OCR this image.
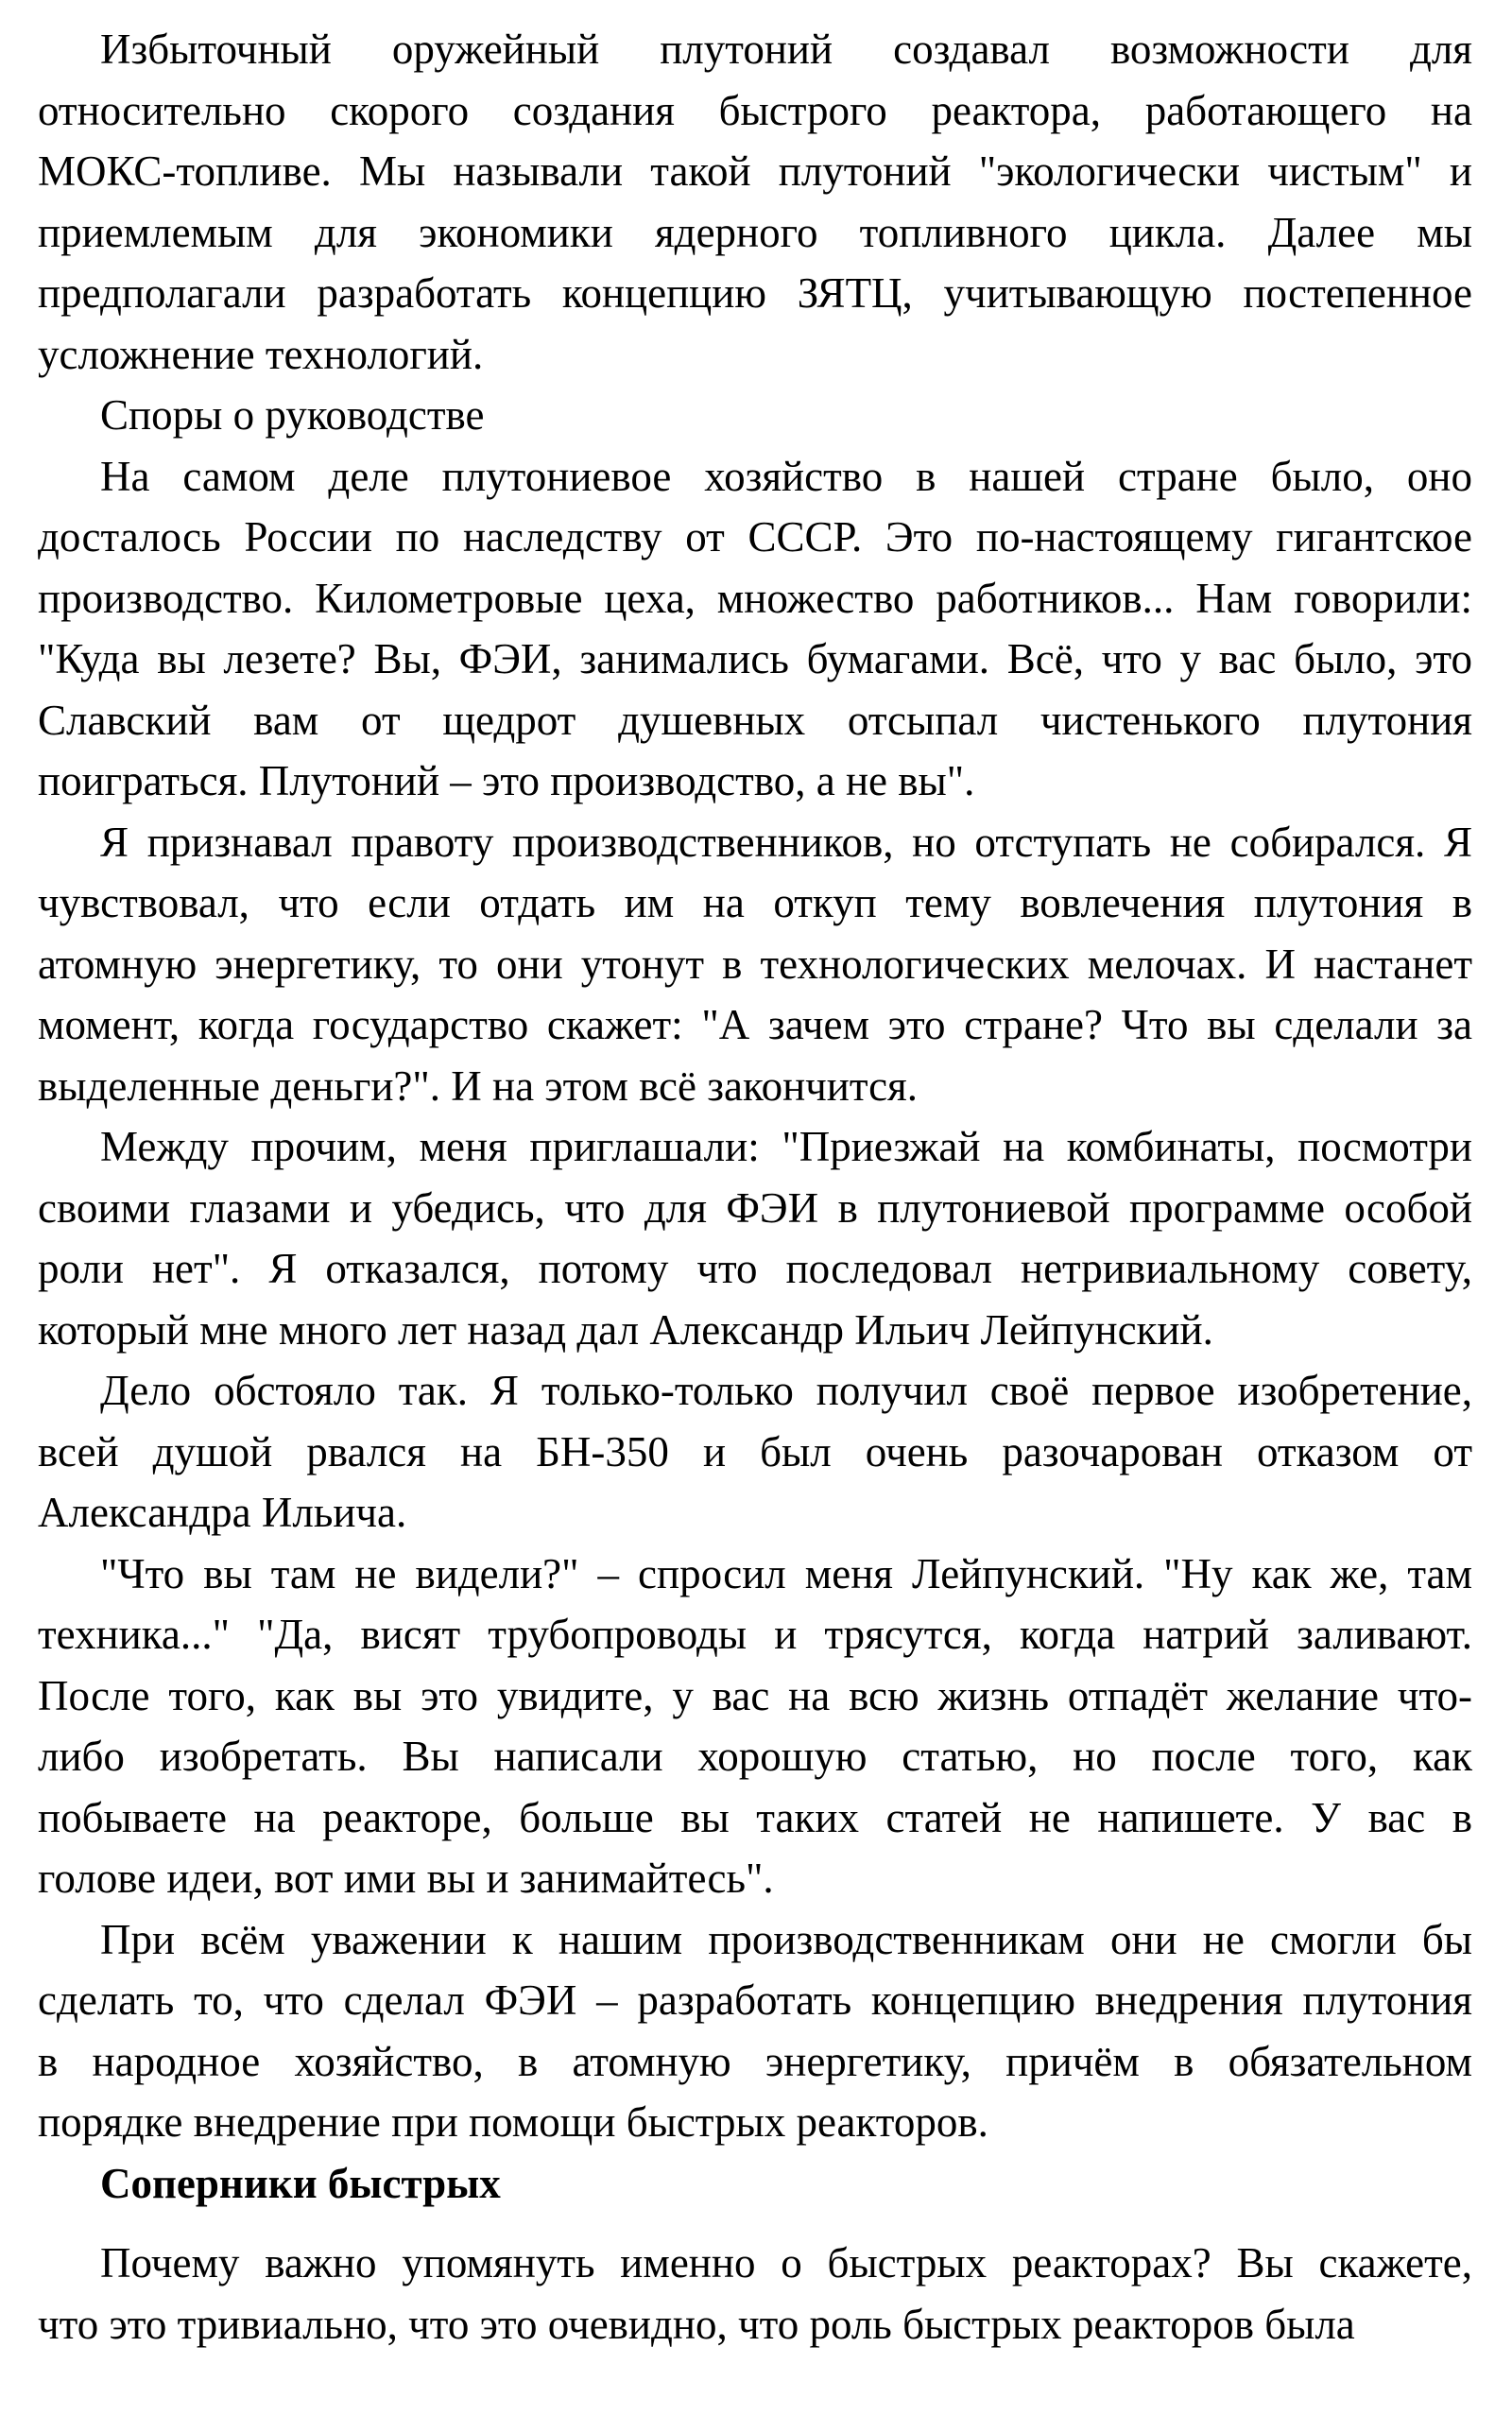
Избыточный оружейный плутоний создавал возможности для
относительно скорого создания быстрого реактора, работающего на
МОКС-топливе. Мы называли такой плутоний "экологически чистым" и
приемлемым для экономики ядерного топливного цикла. Далее мы
предполагали разработать концепцию ЗЯТЦ, учитывающую постепенное
усложнение технологий.
Споры о руководстве
На самом деле плутониевое хозяйство в нашей стране было, оно
досталось России по наследству от СССР. Это по-настоящему гигантское
производство. Километровые цеха, множество работников... Нам говорили:
"Куда вы лезете? Вы, ФЭИ, занимались бумагами. Всё, что у вас было, это
Славский вам от щедрот душевных отсыпал чистенького плутония
поиграться. Плутоний – это производство, а не вы".
Я признавал правоту производственников, но отступать не собирался. Я
чувствовал, что если отдать им на откуп тему вовлечения плутония в
атомную энергетику, то они утонут в технологических мелочах. И настанет
момент, когда государство скажет: "А зачем это стране? Что вы сделали за
выделенные деньги?". И на этом всё закончится.
Между прочим, меня приглашали: "Приезжай на комбинаты, посмотри
своими глазами и убедись, что для ФЭИ в плутониевой программе особой
роли нет". Я отказался, потому что последовал нетривиальному совету,
который мне много лет назад дал Александр Ильич Лейпунский.
Дело обстояло так. Я только-только получил своё первое изобретение,
всей душой рвался на БН-350 и был очень разочарован отказом от
Александра Ильича.
"Что вы там не видели?" – спросил меня Лейпунский. "Ну как же, там
техника..." "Да, висят трубопроводы и трясутся, когда натрий заливают.
После того, как вы это увидите, у вас на всю жизнь отпадёт желание что-
либо изобретать. Вы написали хорошую статью, но после того, как
побываете на реакторе, больше вы таких статей не напишете. У вас в
голове идеи, вот ими вы и занимайтесь".
При всём уважении к нашим производственникам они не смогли бы
сделать то, что сделал ФЭИ – разработать концепцию внедрения плутония
в народное хозяйство, в атомную энергетику, причём в обязательном
порядке внедрение при помощи быстрых реакторов.
Соперники быстрых
Почему важно упомянуть именно о быстрых реакторах? Вы скажете,
что это тривиально, что это очевидно, что роль быстрых реакторов была
